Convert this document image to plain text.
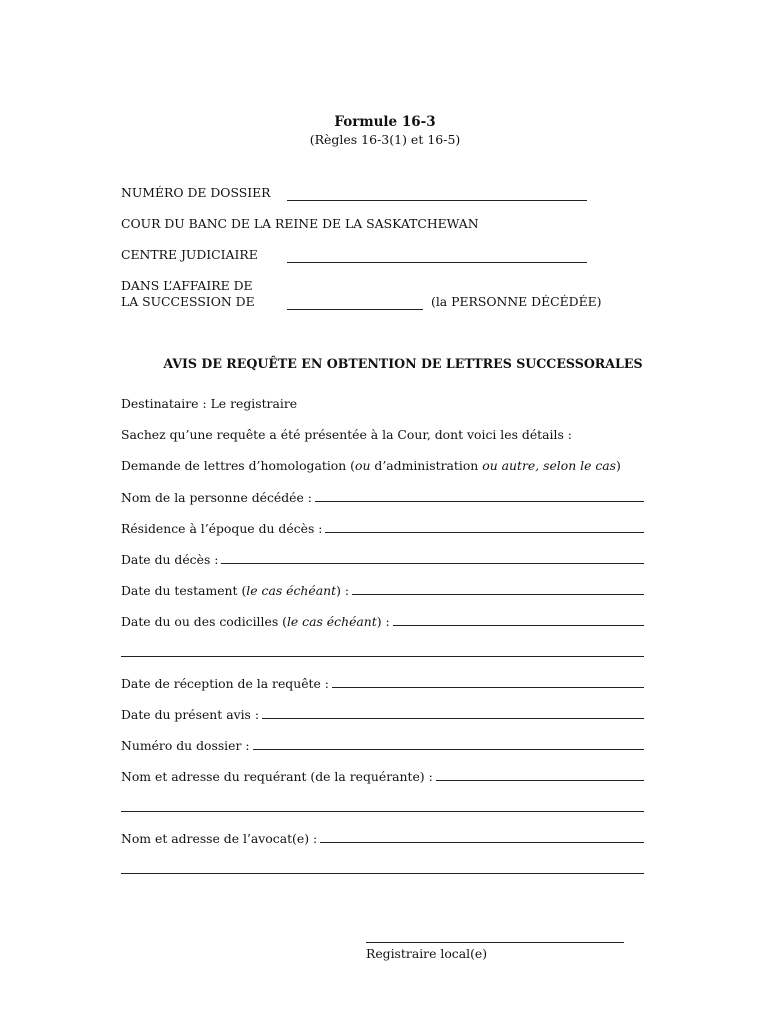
Formule 16-3
(Règles 16-3(1) et 16-5)
NUMÉRO DE DOSSIER
COUR DU BANC DE LA REINE DE LA SASKATCHEWAN
CENTRE JUDICIAIRE
DANS L’AFFAIRE DE
LA SUCCESSION DE	(la PERSONNE DÉCÉDÉE)
AVIS DE REQUÊTE EN OBTENTION DE LETTRES SUCCESSORALES
Destinataire : Le registraire
Sachez qu’une requête a été présentée à la Cour, dont voici les détails :
Demande de lettres d’homologation (ou d’administration ou autre, selon le cas)
Nom de la personne décédée :
Résidence à l’époque du décès :
Date du décès :
Date du testament (le cas échéant) :
Date du ou des codicilles (le cas échéant) :
Date de réception de la requête :
Date du présent avis :
Numéro du dossier :
Nom et adresse du requérant (de la requérante) :
Nom et adresse de l’avocat(e) :
Registraire local(e)
